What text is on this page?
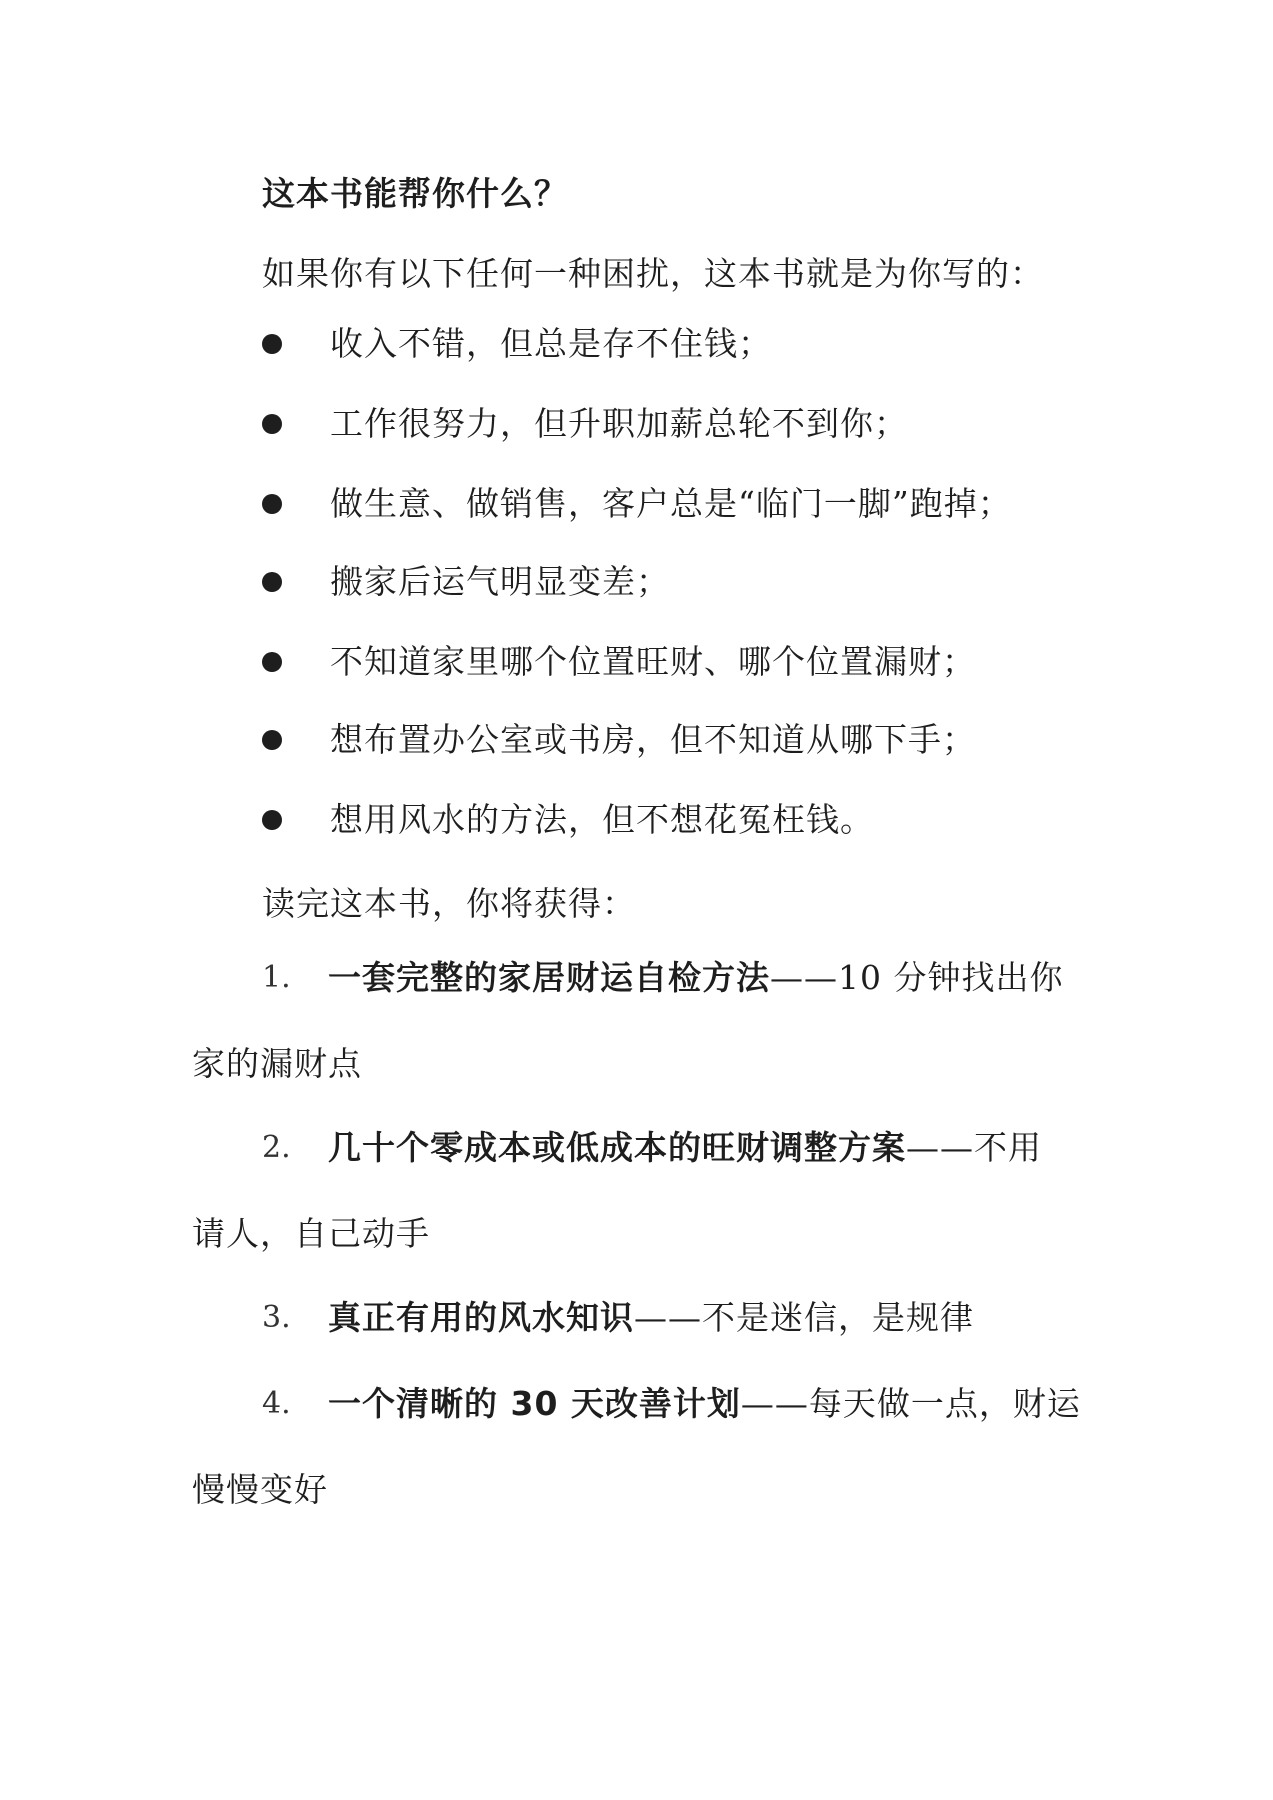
这本书能帮你什么？
如果你有以下任何一种困扰，这本书就是为你写的：
收入不错，但总是存不住钱；
工作很努力，但升职加薪总轮不到你；
做生意、做销售，客户总是“临门一脚”跑掉；
搬家后运气明显变差；
不知道家里哪个位置旺财、哪个位置漏财；
想布置办公室或书房，但不知道从哪下手；
想用风水的方法，但不想花冤枉钱。
读完这本书，你将获得：
1. 一套完整的家居财运自检方法——10 分钟找出你
家的漏财点
2. 几十个零成本或低成本的旺财调整方案——不用
请人，自己动手
3. 真正有用的风水知识——不是迷信，是规律
4. 一个清晰的 30 天改善计划——每天做一点，财运
慢慢变好
